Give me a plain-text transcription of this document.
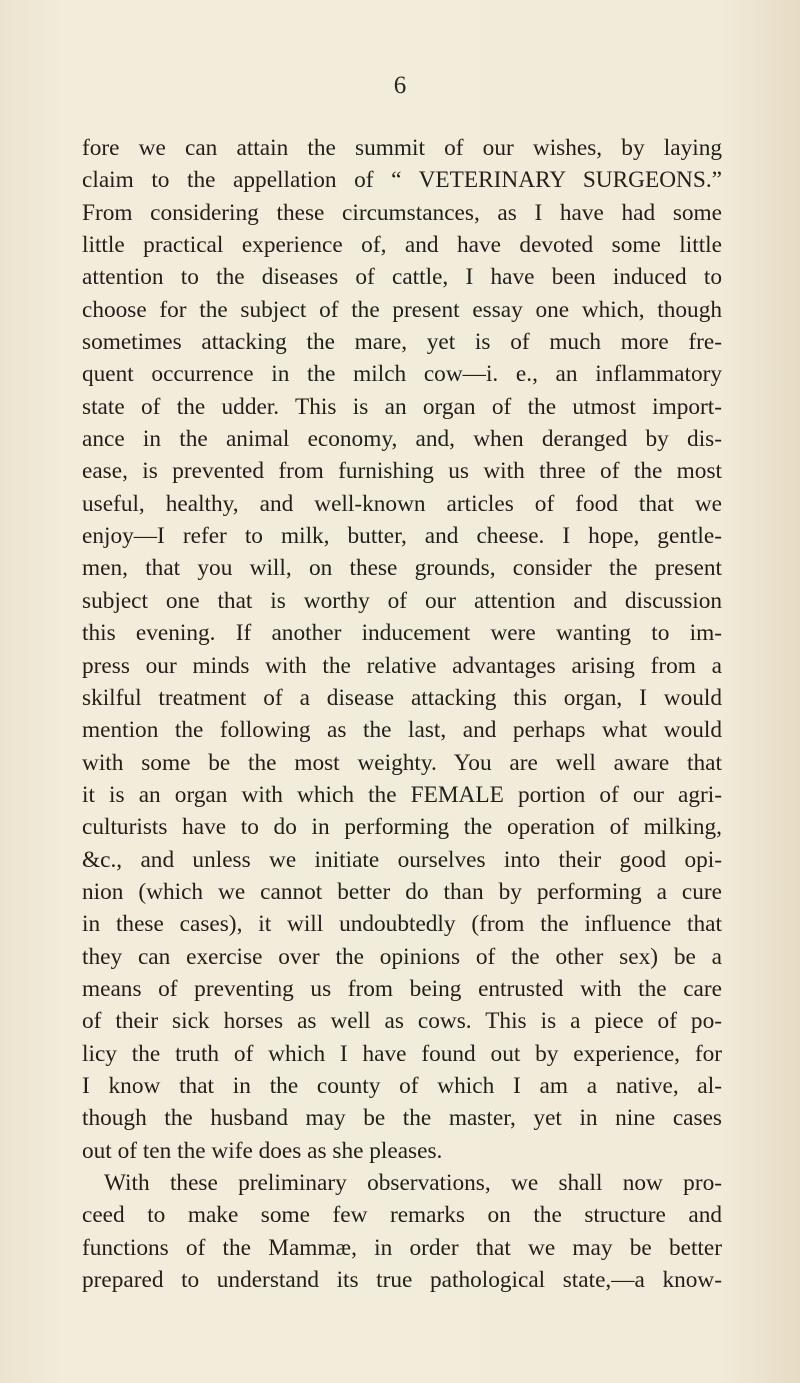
6
fore we can attain the summit of our wishes, by laying
claim to the appellation of “ VETERINARY SURGEONS.”
From considering these circumstances, as I have had some
little practical experience of, and have devoted some little
attention to the diseases of cattle, I have been induced to
choose for the subject of the present essay one which, though
sometimes attacking the mare, yet is of much more fre-
quent occurrence in the milch cow—i. e., an inflammatory
state of the udder. This is an organ of the utmost import-
ance in the animal economy, and, when deranged by dis-
ease, is prevented from furnishing us with three of the most
useful, healthy, and well-known articles of food that we
enjoy—I refer to milk, butter, and cheese. I hope, gentle-
men, that you will, on these grounds, consider the present
subject one that is worthy of our attention and discussion
this evening. If another inducement were wanting to im-
press our minds with the relative advantages arising from a
skilful treatment of a disease attacking this organ, I would
mention the following as the last, and perhaps what would
with some be the most weighty. You are well aware that
it is an organ with which the FEMALE portion of our agri-
culturists have to do in performing the operation of milking,
&c., and unless we initiate ourselves into their good opi-
nion (which we cannot better do than by performing a cure
in these cases), it will undoubtedly (from the influence that
they can exercise over the opinions of the other sex) be a
means of preventing us from being entrusted with the care
of their sick horses as well as cows. This is a piece of po-
licy the truth of which I have found out by experience, for
I know that in the county of which I am a native, al-
though the husband may be the master, yet in nine cases
out of ten the wife does as she pleases.
With these preliminary observations, we shall now pro-
ceed to make some few remarks on the structure and
functions of the Mammæ, in order that we may be better
prepared to understand its true pathological state,—a know-
